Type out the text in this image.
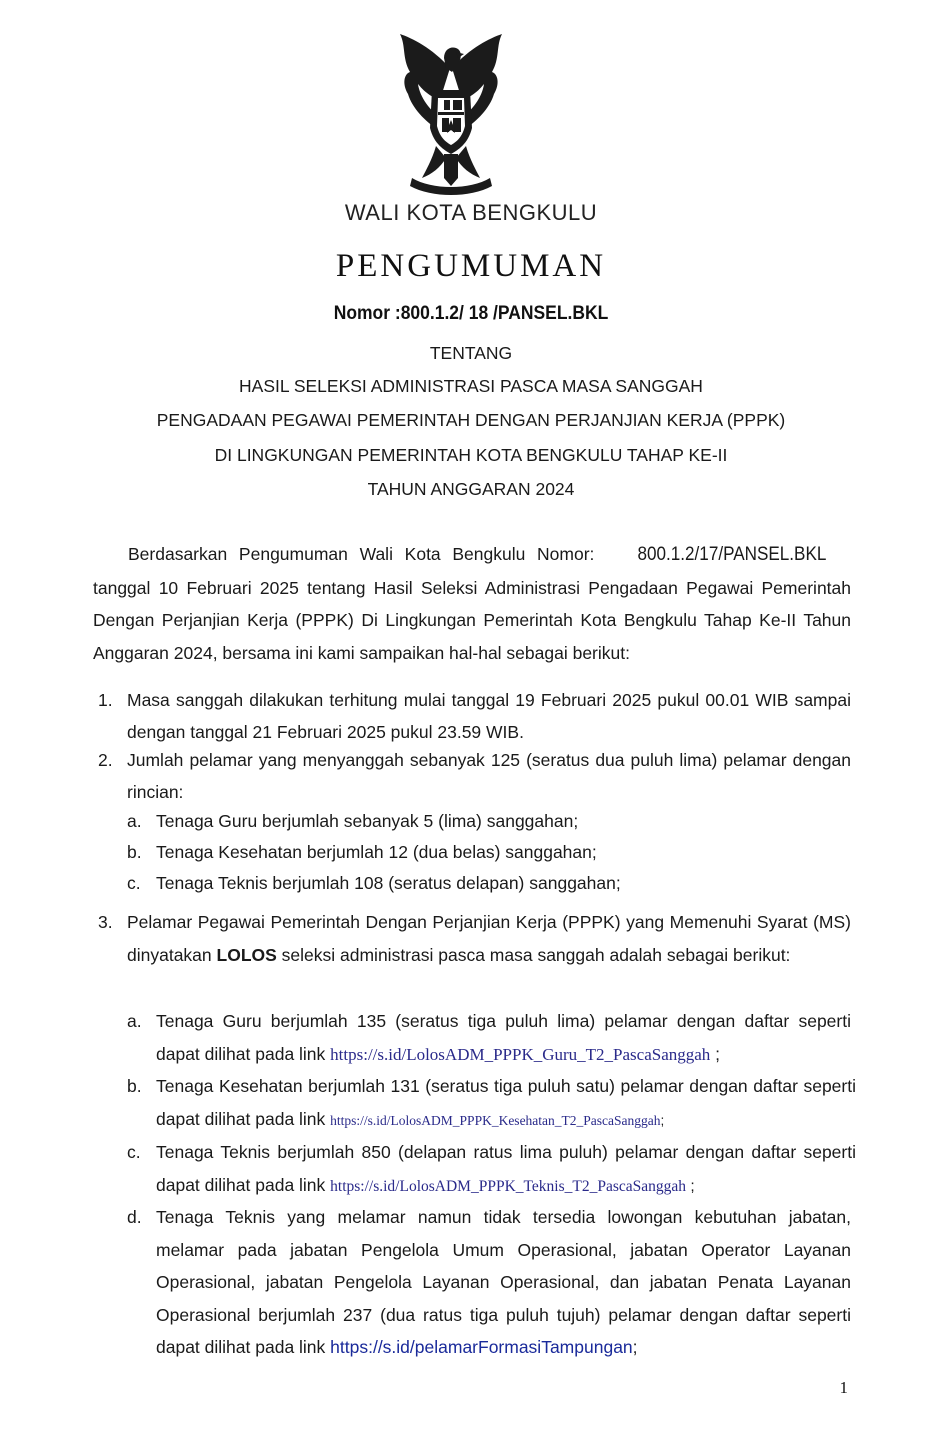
WALI KOTA BENGKULU
PENGUMUMAN
Nomor :800.1.2/ 18 /PANSEL.BKL
TENTANG
HASIL SELEKSI ADMINISTRASI PASCA MASA SANGGAH
PENGADAAN PEGAWAI PEMERINTAH DENGAN PERJANJIAN KERJA (PPPK)
DI LINGKUNGAN PEMERINTAH KOTA BENGKULU TAHAP KE-II
TAHUN ANGGARAN 2024
Berdasarkan Pengumuman Wali Kota Bengkulu Nomor: 800.1.2/17/PANSEL.BKL tanggal 10 Februari 2025 tentang Hasil Seleksi Administrasi Pengadaan Pegawai Pemerintah Dengan Perjanjian Kerja (PPPK) Di Lingkungan Pemerintah Kota Bengkulu Tahap Ke-II Tahun Anggaran 2024, bersama ini kami sampaikan hal-hal sebagai berikut:
1. Masa sanggah dilakukan terhitung mulai tanggal 19 Februari 2025 pukul 00.01 WIB sampai dengan tanggal 21 Februari 2025 pukul 23.59 WIB.
2. Jumlah pelamar yang menyanggah sebanyak 125 (seratus dua puluh lima) pelamar dengan rincian:
a. Tenaga Guru berjumlah sebanyak 5 (lima) sanggahan;
b. Tenaga Kesehatan berjumlah 12 (dua belas) sanggahan;
c. Tenaga Teknis berjumlah 108 (seratus delapan) sanggahan;
3. Pelamar Pegawai Pemerintah Dengan Perjanjian Kerja (PPPK) yang Memenuhi Syarat (MS) dinyatakan LOLOS seleksi administrasi pasca masa sanggah adalah sebagai berikut:
a. Tenaga Guru berjumlah 135 (seratus tiga puluh lima) pelamar dengan daftar seperti dapat dilihat pada link https://s.id/LolosADM_PPPK_Guru_T2_PascaSanggah ;
b. Tenaga Kesehatan berjumlah 131 (seratus tiga puluh satu) pelamar dengan daftar seperti dapat dilihat pada link https://s.id/LolosADM_PPPK_Kesehatan_T2_PascaSanggah;
c. Tenaga Teknis berjumlah 850 (delapan ratus lima puluh) pelamar dengan daftar seperti dapat dilihat pada link https://s.id/LolosADM_PPPK_Teknis_T2_PascaSanggah ;
d. Tenaga Teknis yang melamar namun tidak tersedia lowongan kebutuhan jabatan, melamar pada jabatan Pengelola Umum Operasional, jabatan Operator Layanan Operasional, jabatan Pengelola Layanan Operasional, dan jabatan Penata Layanan Operasional berjumlah 237 (dua ratus tiga puluh tujuh) pelamar dengan daftar seperti dapat dilihat pada link https://s.id/pelamarFormasiTampungan;
1
